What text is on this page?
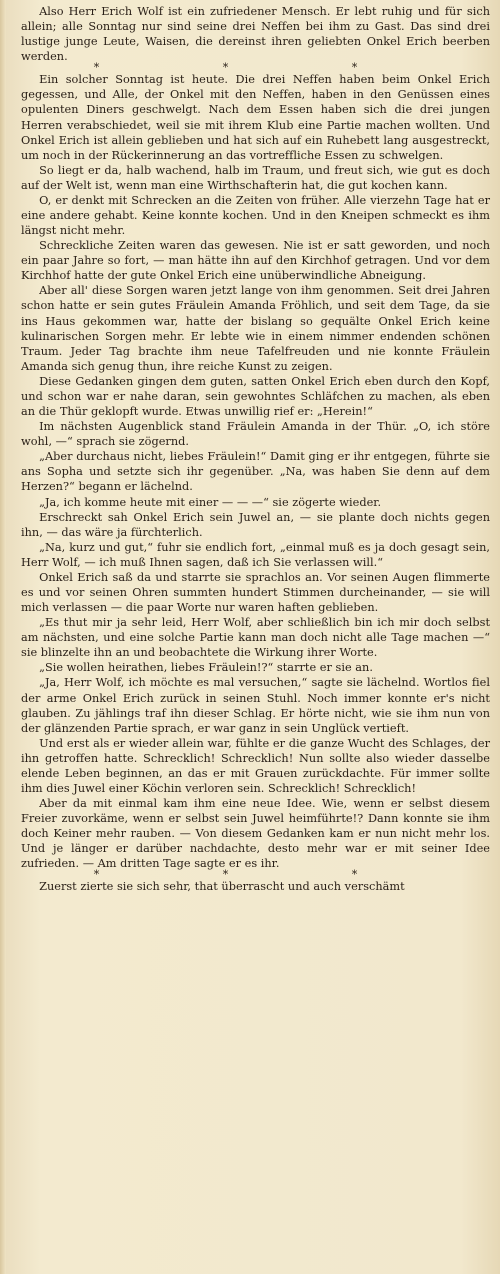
Also Herr Erich Wolf ist ein zufriedener Mensch. Er lebt ruhig und für sich allein; alle Sonntag nur sind seine drei Neffen bei ihm zu Gast. Das sind drei lustige junge Leute, Waisen, die dereinst ihren geliebten Onkel Erich beerben werden.

* * *

Ein solcher Sonntag ist heute. Die drei Neffen haben beim Onkel Erich gegessen, und Alle, der Onkel mit den Neffen, haben in den Genüssen eines opulenten Diners geschwelgt. Nach dem Essen haben sich die drei jungen Herren verabschiedet, weil sie mit ihrem Klub eine Partie machen wollten. Und Onkel Erich ist allein geblieben und hat sich auf ein Ruhebett lang ausgestreckt, um noch in der Rückerinnerung an das vortreffliche Essen zu schwelgen.

So liegt er da, halb wachend, halb im Traum, und freut sich, wie gut es doch auf der Welt ist, wenn man eine Wirthschafterin hat, die gut kochen kann.

O, er denkt mit Schrecken an die Zeiten von früher. Alle vierzehn Tage hat er eine andere gehabt. Keine konnte kochen. Und in den Kneipen schmeckt es ihm längst nicht mehr.

Schreckliche Zeiten waren das gewesen. Nie ist er satt geworden, und noch ein paar Jahre so fort, — man hätte ihn auf den Kirchhof getragen. Und vor dem Kirchhof hatte der gute Onkel Erich eine unüberwindliche Abneigung.

Aber all' diese Sorgen waren jetzt lange von ihm genommen. Seit drei Jahren schon hatte er sein gutes Fräulein Amanda Fröhlich, und seit dem Tage, da sie ins Haus gekommen war, hatte der bislang so gequälte Onkel Erich keine kulinarischen Sorgen mehr. Er lebte wie in einem nimmer endenden schönen Traum. Jeder Tag brachte ihm neue Tafelfreuden und nie konnte Fräulein Amanda sich genug thun, ihre reiche Kunst zu zeigen.

Diese Gedanken gingen dem guten, satten Onkel Erich eben durch den Kopf, und schon war er nahe daran, sein gewohntes Schläfchen zu machen, als eben an die Thür geklopft wurde. Etwas unwillig rief er: „Herein!“

Im nächsten Augenblick stand Fräulein Amanda in der Thür. „O, ich störe wohl, —“ sprach sie zögernd.

„Aber durchaus nicht, liebes Fräulein!“ Damit ging er ihr entgegen, führte sie ans Sopha und setzte sich ihr gegenüber. „Na, was haben Sie denn auf dem Herzen?“ begann er lächelnd.

„Ja, ich komme heute mit einer — — —“ sie zögerte wieder.

Erschreckt sah Onkel Erich sein Juwel an, — sie plante doch nichts gegen ihn, — das wäre ja fürchterlich.

„Na, kurz und gut,“ fuhr sie endlich fort, „einmal muß es ja doch gesagt sein, Herr Wolf, — ich muß Ihnen sagen, daß ich Sie verlassen will.“

Onkel Erich saß da und starrte sie sprachlos an. Vor seinen Augen flimmerte es und vor seinen Ohren summten hundert Stimmen durcheinander, — sie will mich verlassen — die paar Worte nur waren haften geblieben.

„Es thut mir ja sehr leid, Herr Wolf, aber schließlich bin ich mir doch selbst am nächsten, und eine solche Partie kann man doch nicht alle Tage machen —“ sie blinzelte ihn an und beobachtete die Wirkung ihrer Worte.

„Sie wollen heirathen, liebes Fräulein!?“ starrte er sie an.

„Ja, Herr Wolf, ich möchte es mal versuchen,“ sagte sie lächelnd. Wortlos fiel der arme Onkel Erich zurück in seinen Stuhl. Noch immer konnte er's nicht glauben. Zu jählings traf ihn dieser Schlag. Er hörte nicht, wie sie ihm nun von der glänzenden Partie sprach, er war ganz in sein Unglück vertieft.

Und erst als er wieder allein war, fühlte er die ganze Wucht des Schlages, der ihn getroffen hatte. Schrecklich! Schrecklich! Nun sollte also wieder dasselbe elende Leben beginnen, an das er mit Grauen zurückdachte. Für immer sollte ihm dies Juwel einer Köchin verloren sein. Schrecklich! Schrecklich!

Aber da mit einmal kam ihm eine neue Idee. Wie, wenn er selbst diesem Freier zuvorkäme, wenn er selbst sein Juwel heimführte!? Dann konnte sie ihm doch Keiner mehr rauben. — Von diesem Gedanken kam er nun nicht mehr los. Und je länger er darüber nachdachte, desto mehr war er mit seiner Idee zufrieden. — Am dritten Tage sagte er es ihr.

* * *

Zuerst zierte sie sich sehr, that überrascht und auch verschämt
